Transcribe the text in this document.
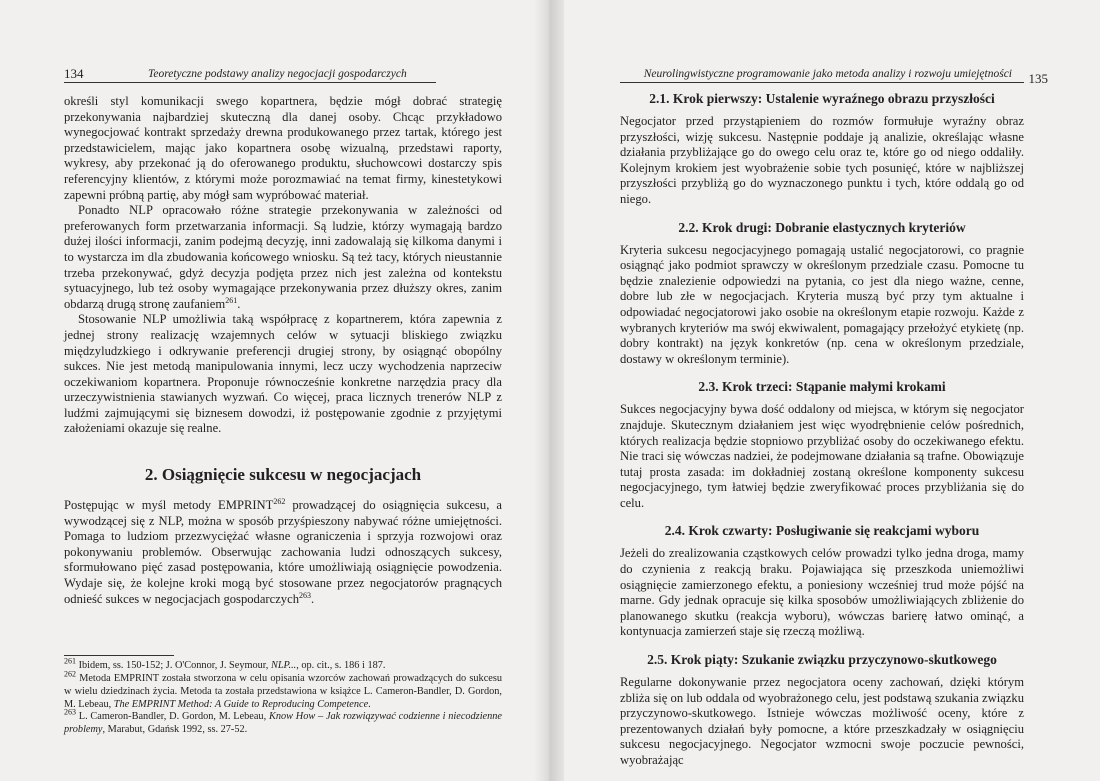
134	Teoretyczne podstawy analizy negocjacji gospodarczych

określi styl komunikacji swego kopartnera, będzie mógł dobrać strategię przekonywania najbardziej skuteczną dla danej osoby. Chcąc przykładowo wynegocjować kontrakt sprzedaży drewna produkowanego przez tartak, którego jest przedstawicielem, mając jako kopartnera osobę wizualną, przedstawi raporty, wykresy, aby przekonać ją do oferowanego produktu, słuchowcowi dostarczy spis referencyjny klientów, z którymi może porozmawiać na temat firmy, kinestetykowi zapewni próbną partię, aby mógł sam wypróbować materiał.

Ponadto NLP opracowało różne strategie przekonywania w zależności od preferowanych form przetwarzania informacji. Są ludzie, którzy wymagają bardzo dużej ilości informacji, zanim podejmą decyzję, inni zadowalają się kilkoma danymi i to wystarcza im dla zbudowania końcowego wniosku. Są też tacy, których nieustannie trzeba przekonywać, gdyż decyzja podjęta przez nich jest zależna od kontekstu sytuacyjnego, lub też osoby wymagające przekonywania przez dłuższy okres, zanim obdarzą drugą stronę zaufaniem$^{261}$.

Stosowanie NLP umożliwia taką współpracę z kopartnerem, która zapewnia z jednej strony realizację wzajemnych celów w sytuacji bliskiego związku międzyludzkiego i odkrywanie preferencji drugiej strony, by osiągnąć obopólny sukces. Nie jest metodą manipulowania innymi, lecz uczy wychodzenia naprzeciw oczekiwaniom kopartnera. Proponuje równocześnie konkretne narzędzia pracy dla urzeczywistnienia stawianych wyzwań. Co więcej, praca licznych trenerów NLP z ludźmi zajmującymi się biznesem dowodzi, iż postępowanie zgodnie z przyjętymi założeniami okazuje się realne.

2. Osiągnięcie sukcesu w negocjacjach

Postępując w myśl metody EMPRINT$^{262}$ prowadzącej do osiągnięcia sukcesu, a wywodzącej się z NLP, można w sposób przyśpieszony nabywać różne umiejętności. Pomaga to ludziom przezwyciężać własne ograniczenia i sprzyja rozwojowi oraz pokonywaniu problemów. Obserwując zachowania ludzi odnoszących sukcesy, sformułowano pięć zasad postępowania, które umożliwiają osiągnięcie powodzenia. Wydaje się, że kolejne kroki mogą być stosowane przez negocjatorów pragnących odnieść sukces w negocjacjach gospodarczych$^{263}$.

$^{261}$ Ibidem, ss. 150-152; J. O'Connor, J. Seymour, NLP..., op. cit., s. 186 i 187.

$^{262}$ Metoda EMPRINT została stworzona w celu opisania wzorców zachowań prowadzących do sukcesu w wielu dziedzinach życia. Metoda ta została przedstawiona w książce L. Cameron-Bandler, D. Gordon, M. Lebeau, The EMPRINT Method: A Guide to Reproducing Competence.

$^{263}$ L. Cameron-Bandler, D. Gordon, M. Lebeau, Know How – Jak rozwiązywać codzienne i niecodzienne problemy, Marabut, Gdańsk 1992, ss. 27-52.

Neurolingwistyczne programowanie jako metoda analizy i rozwoju umiejętności 135
2.1. Krok pierwszy: Ustalenie wyraźnego obrazu przyszłości

Negocjator przed przystąpieniem do rozmów formułuje wyraźny obraz przyszłości, wizję sukcesu. Następnie poddaje ją analizie, określając własne działania przybliżające go do owego celu oraz te, które go od niego oddaliły. Kolejnym krokiem jest wyobrażenie sobie tych posunięć, które w najbliższej przyszłości przybliżą go do wyznaczonego punktu i tych, które oddalą go od niego.

2.2. Krok drugi: Dobranie elastycznych kryteriów

Kryteria sukcesu negocjacyjnego pomagają ustalić negocjatorowi, co pragnie osiągnąć jako podmiot sprawczy w określonym przedziale czasu. Pomocne tu będzie znalezienie odpowiedzi na pytania, co jest dla niego ważne, cenne, dobre lub złe w negocjacjach. Kryteria muszą być przy tym aktualne i odpowiadać negocjatorowi jako osobie na określonym etapie rozwoju. Każde z wybranych kryteriów ma swój ekwiwalent, pomagający przełożyć etykietę (np. dobry kontrakt) na język konkretów (np. cena w określonym przedziale, dostawy w określonym terminie).

2.3. Krok trzeci: Stąpanie małymi krokami

Sukces negocjacyjny bywa dość oddalony od miejsca, w którym się negocjator znajduje. Skutecznym działaniem jest więc wyodrębnienie celów pośrednich, których realizacja będzie stopniowo przybliżać osoby do oczekiwanego efektu. Nie traci się wówczas nadziei, że podejmowane działania są trafne. Obowiązuje tutaj prosta zasada: im dokładniej zostaną określone komponenty sukcesu negocjacyjnego, tym łatwiej będzie zweryfikować proces przybliżania się do celu.

2.4. Krok czwarty: Posługiwanie się reakcjami wyboru

Jeżeli do zrealizowania cząstkowych celów prowadzi tylko jedna droga, mamy do czynienia z reakcją braku. Pojawiająca się przeszkoda uniemożliwi osiągnięcie zamierzonego efektu, a poniesiony wcześniej trud może pójść na marne. Gdy jednak opracuje się kilka sposobów umożliwiających zbliżenie do planowanego skutku (reakcja wyboru), wówczas barierę łatwo ominąć, a kontynuacja zamierzeń staje się rzeczą możliwą.

2.5. Krok piąty: Szukanie związku przyczynowo-skutkowego

Regularne dokonywanie przez negocjatora oceny zachowań, dzięki którym zbliża się on lub oddala od wyobrażonego celu, jest podstawą szukania związku przyczynowo-skutkowego. Istnieje wówczas możliwość oceny, które z prezentowanych działań były pomocne, a które przeszkadzały w osiągnięciu sukcesu negocjacyjnego. Negocjator wzmocni swoje poczucie pewności, wyobrażając
